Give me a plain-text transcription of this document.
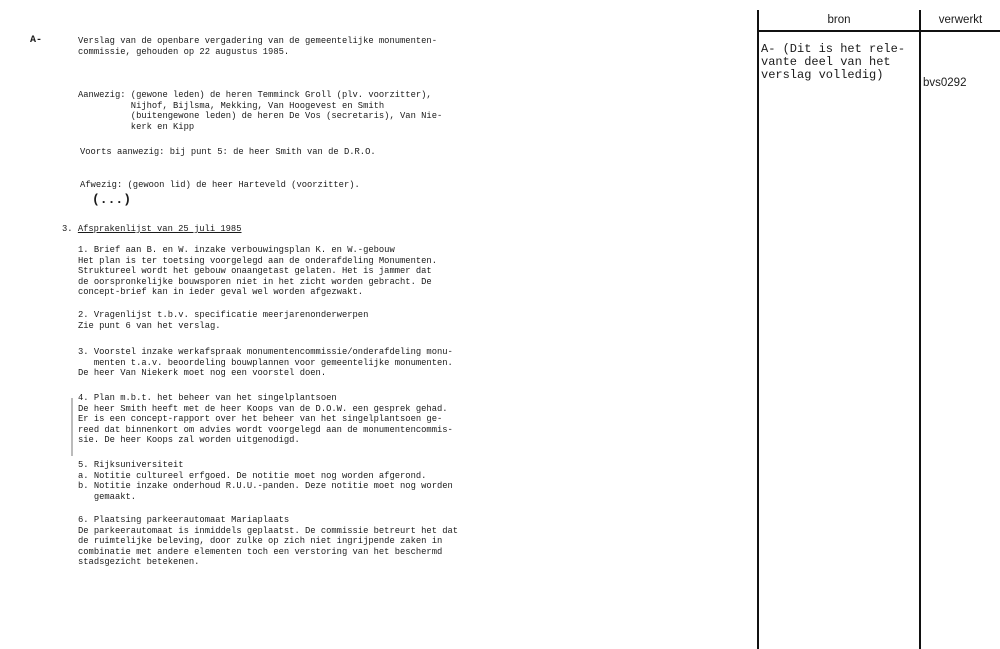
A-	Verslag van de openbare vergadering van de gemeentelijke monumenten-
commissie, gehouden op 22 augustus 1985.
Aanwezig: (gewone leden) de heren Temminck Groll (plv. voorzitter),
Nijhof, Bijlsma, Mekking, Van Hoogevest en Smith
(buitengewone leden) de heren De Vos (secretaris), Van Nie-
kerk en Kipp
Voorts aanwezig: bij punt 5: de heer Smith van de D.R.O.
Afwezig: (gewoon lid) de heer Harteveld (voorzitter).
(...)
3. Afsprakenlijst van 25 juli 1985
1. Brief aan B. en W. inzake verbouwingsplan K. en W.-gebouw
Het plan is ter toetsing voorgelegd aan de onderafdeling Monumenten.
Struktureel wordt het gebouw onaangetast gelaten. Het is jammer dat
de oorspronkelijke bouwsporen niet in het zicht worden gebracht. De
concept-brief kan in ieder geval wel worden afgezwakt.
2. Vragenlijst t.b.v. specificatie meerjarenonderwerpen
Zie punt 6 van het verslag.
3. Voorstel inzake werkafspraak monumentencommissie/onderafdeling monu-
menten t.a.v. beoordeling bouwplannen voor gemeentelijke monumenten.
De heer Van Niekerk moet nog een voorstel doen.
4. Plan m.b.t. het beheer van het singelplantsoen
De heer Smith heeft met de heer Koops van de D.O.W. een gesprek gehad.
Er is een concept-rapport over het beheer van het singelplantsoen ge-
reed dat binnenkort om advies wordt voorgelegd aan de monumentencommis-
sie. De heer Koops zal worden uitgenodigd.
5. Rijksuniversiteit
a. Notitie cultureel erfgoed. De notitie moet nog worden afgerond.
b. Notitie inzake onderhoud R.U.U.-panden. Deze notitie moet nog worden
gemaakt.
6. Plaatsing parkeerautomaat Mariaplaats
De parkeerautomaat is inmiddels geplaatst. De commissie betreurt het dat
de ruimtelijke beleving, door zulke op zich niet ingrijpende zaken in
combinatie met andere elementen toch een verstoring van het beschermd
stadsgezicht betekenen.
bron	verwerkt
A- (Dit is het rele-
vante deel van het
verslag volledig)
bvs0292
